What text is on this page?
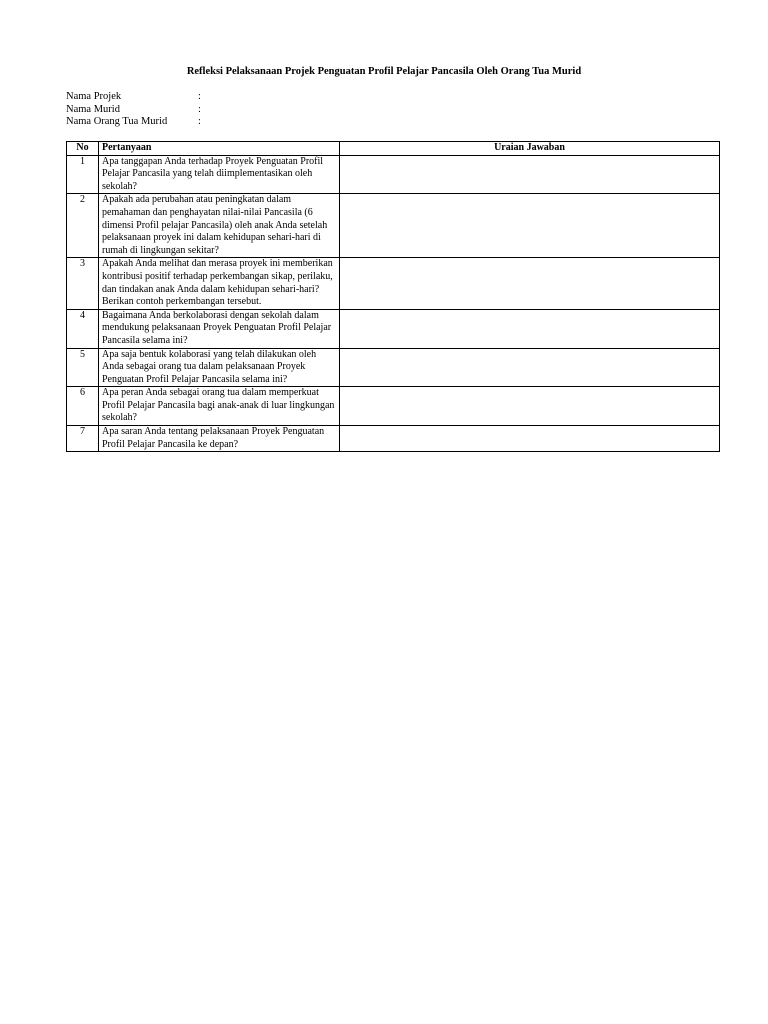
Refleksi Pelaksanaan Projek Penguatan Profil Pelajar Pancasila Oleh Orang Tua Murid
Nama Projek	:
Nama Murid	:
Nama Orang Tua Murid	:
No	Pertanyaan	Uraian Jawaban
1	Apa tanggapan Anda terhadap Proyek Penguatan Profil Pelajar Pancasila yang telah diimplementasikan oleh sekolah?	
2	Apakah ada perubahan atau peningkatan dalam pemahaman dan penghayatan nilai-nilai Pancasila (6 dimensi Profil pelajar Pancasila) oleh anak Anda setelah pelaksanaan proyek ini dalam kehidupan sehari-hari di rumah di lingkungan sekitar?	
3	Apakah Anda melihat dan merasa proyek ini memberikan kontribusi positif terhadap perkembangan sikap, perilaku, dan tindakan anak Anda dalam kehidupan sehari-hari? Berikan contoh perkembangan tersebut.	
4	Bagaimana Anda berkolaborasi dengan sekolah dalam mendukung pelaksanaan Proyek Penguatan Profil Pelajar Pancasila selama ini?	
5	Apa saja bentuk kolaborasi yang telah dilakukan oleh Anda sebagai orang tua dalam pelaksanaan Proyek Penguatan Profil Pelajar Pancasila selama ini?	
6	Apa peran Anda sebagai orang tua dalam memperkuat Profil Pelajar Pancasila bagi anak-anak di luar lingkungan sekolah?	
7	Apa saran Anda tentang pelaksanaan Proyek Penguatan Profil Pelajar Pancasila ke depan?	
